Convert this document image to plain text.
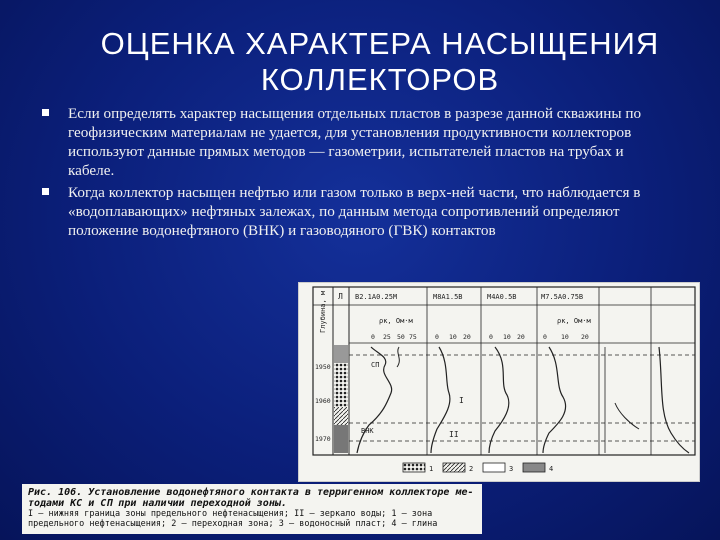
ОЦЕНКА ХАРАКТЕРА НАСЫЩЕНИЯ
КОЛЛЕКТОРОВ
Если определять характер насыщения отдельных пластов в разрезе данной скважины по геофизическим материалам не удается, для установления продуктивности коллекторов используют данные прямых методов — газометрии, испытателей пластов на трубах и кабеле.
Когда коллектор насыщен нефтью или газом только в верх-ней части, что наблюдается в «водоплавающих» нефтяных залежах, по данным метода сопротивлений определяют положение водонефтяного (ВНК) и газоводяного (ГВК) контактов
Глубина, м Л В2.1А0.25М	М8А1.5В	М4А0.5В	М7.5А0.75В
ρк, Ом·м	ρк, Ом·м
0 25 50 75	0 10 20	0 10 20	0 10 20
1950
1960
1970
СП
ВНК
I
II
1	2	3	4
Рис. 106. Установление водонефтяного контакта в терригенном коллекторе ме-
тодами КС и СП при наличии переходной зоны.
I — нижняя граница зоны предельного нефтенасыщения; II — зеркало воды; 1 — зона
предельного нефтенасыщения; 2 — переходная зона; 3 — водоносный пласт; 4 — глина
